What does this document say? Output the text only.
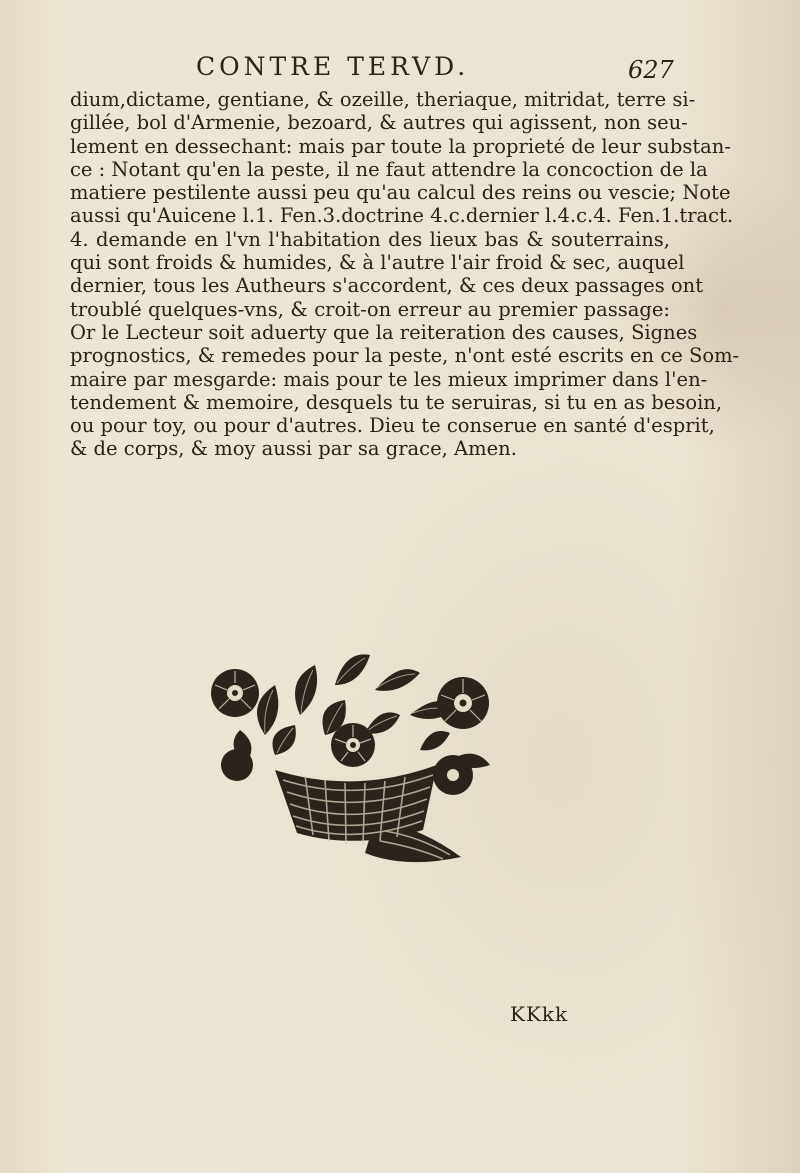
CONTRE TERVD.	627
dium,dictame, gentiane, & ozeille, theriaque, mitridat, terre si-
gillée, bol d'Armenie, bezoard, & autres qui agissent, non seu-
lement en dessechant: mais par toute la proprieté de leur substan-
ce : Notant qu'en la peste, il ne faut attendre la concoction de la
matiere pestilente aussi peu qu'au calcul des reins ou vescie; Note
aussi qu'Auicene l.1. Fen.3.doctrine 4.c.dernier l.4.c.4. Fen.1.tract.
4. demande en l'vn l'habitation des lieux bas & souterrains,
qui sont froids & humides, & à l'autre l'air froid & sec, auquel
dernier, tous les Autheurs s'accordent, & ces deux passages ont
troublé quelques-vns, & croit-on erreur au premier passage:
Or le Lecteur soit aduerty que la reiteration des causes, Signes
prognostics, & remedes pour la peste, n'ont esté escrits en ce Som-
maire par mesgarde: mais pour te les mieux imprimer dans l'en-
tendement & memoire, desquels tu te seruiras, si tu en as besoin,
ou pour toy, ou pour d'autres. Dieu te conserue en santé d'esprit,
& de corps, & moy aussi par sa grace, Amen.
KKkk
